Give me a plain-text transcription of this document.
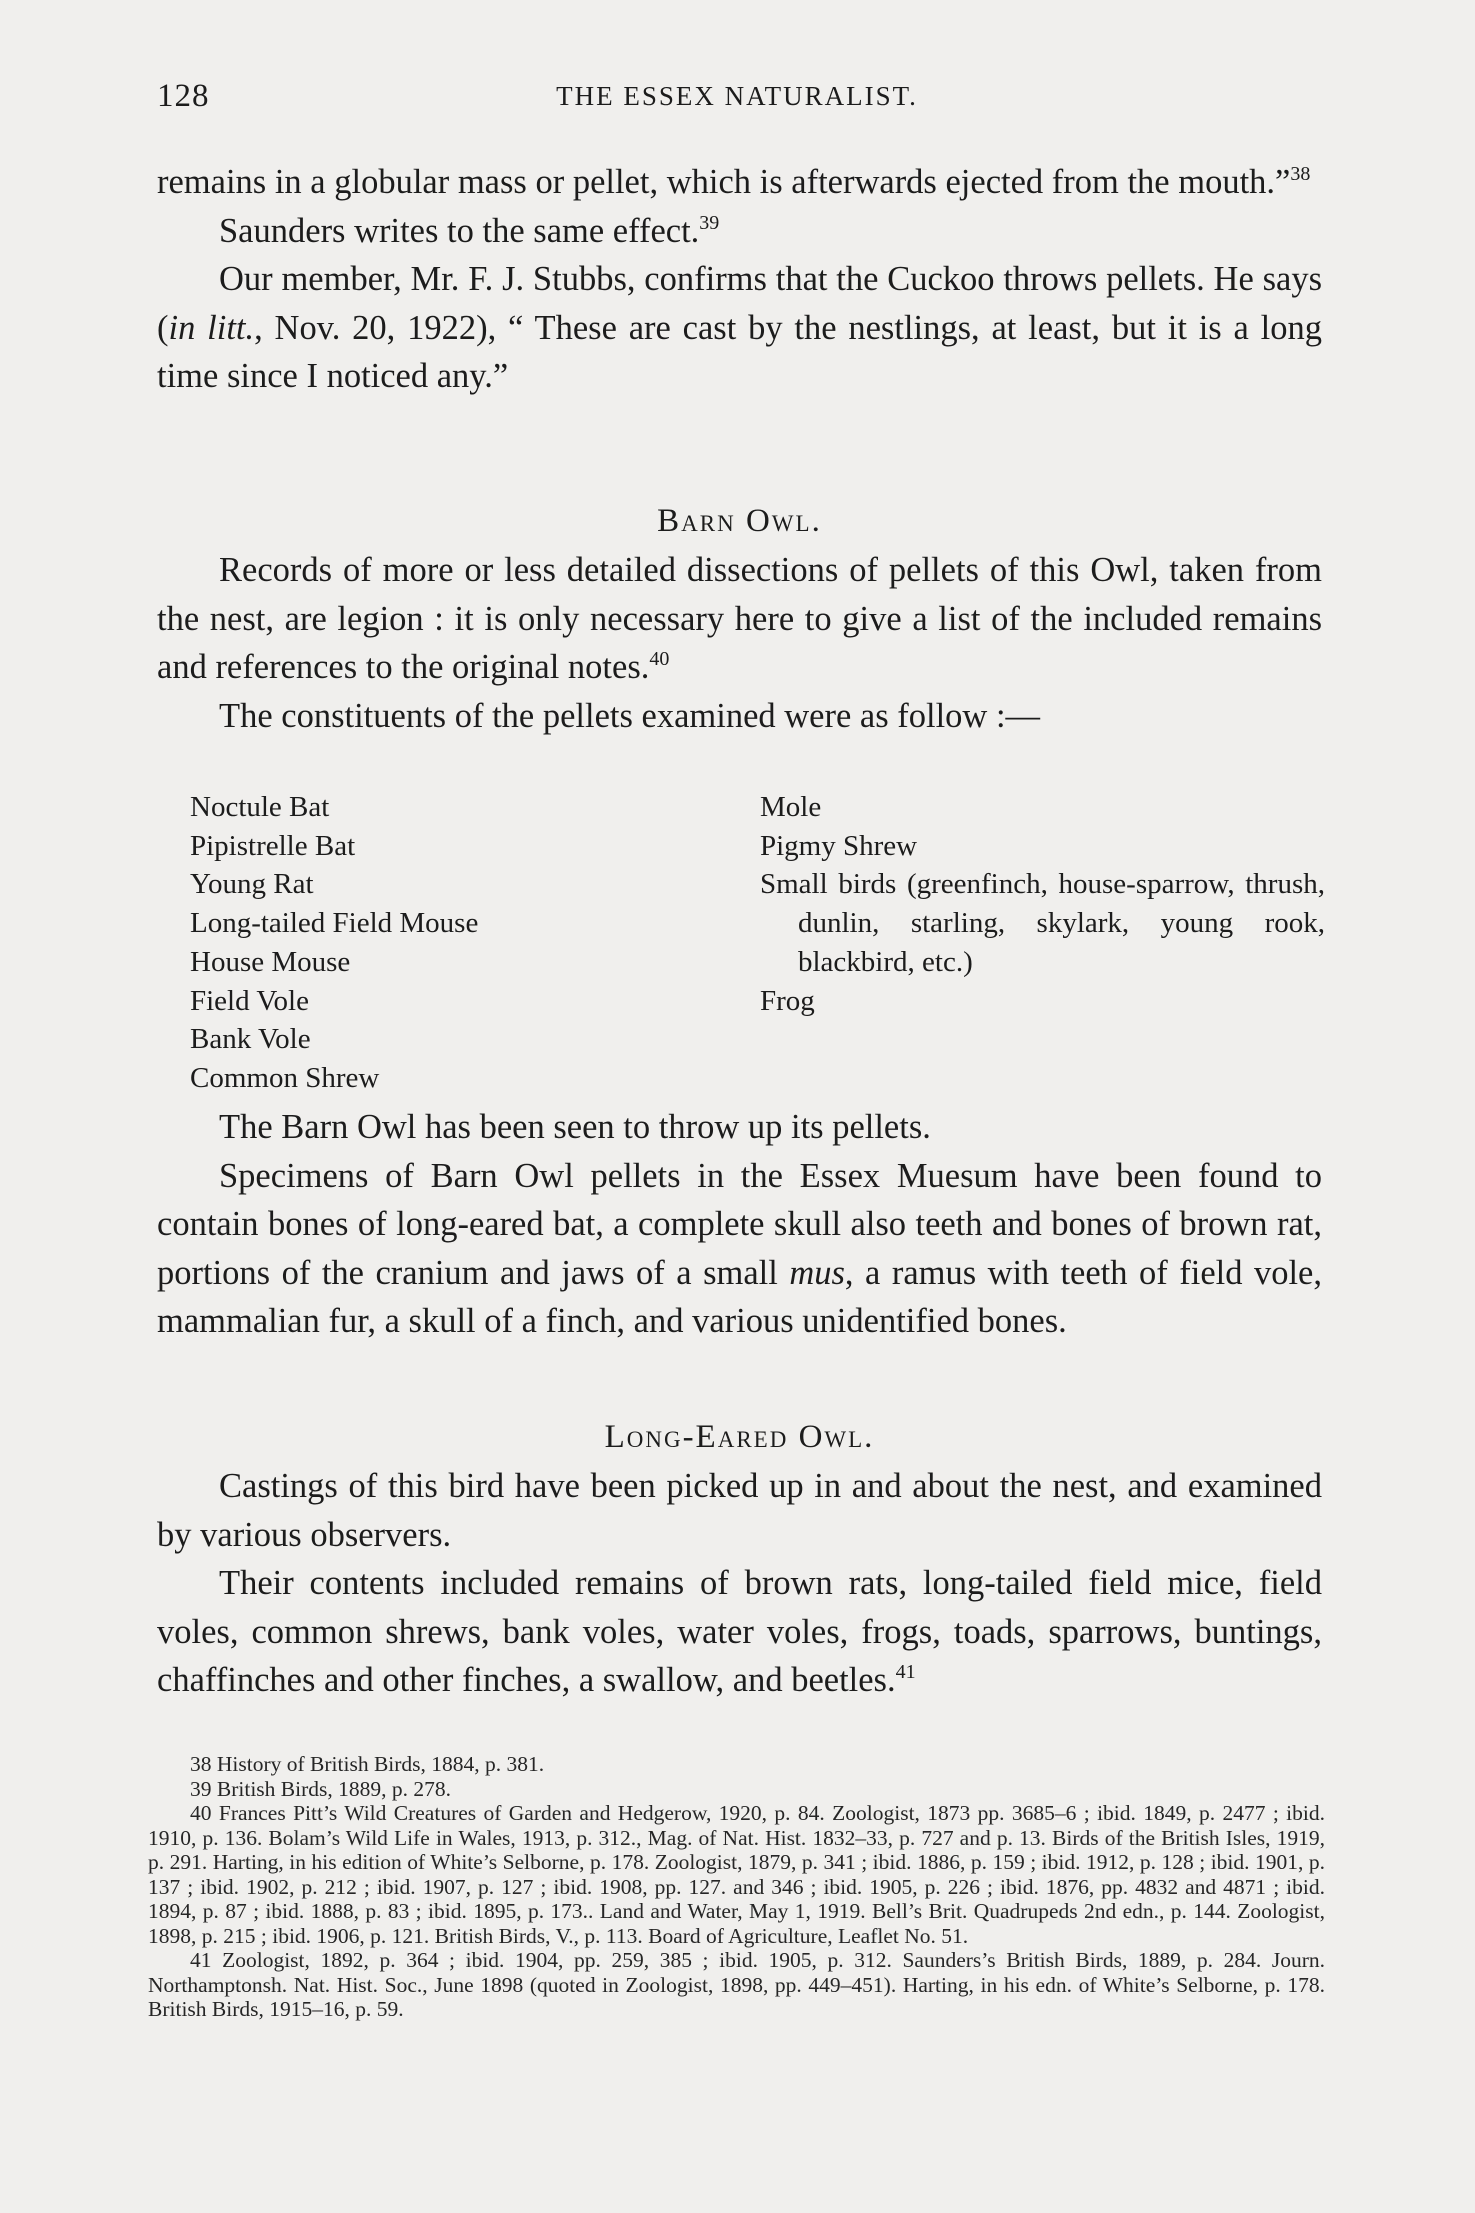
128	THE ESSEX NATURALIST.

remains in a globular mass or pellet, which is afterwards ejected from the mouth.”$^{38}$

Saunders writes to the same effect.$^{39}$

Our member, Mr. F. J. Stubbs, confirms that the Cuckoo throws pellets. He says (in litt., Nov. 20, 1922), “ These are cast by the nestlings, at least, but it is a long time since I noticed any.”

Barn Owl.

Records of more or less detailed dissections of pellets of this Owl, taken from the nest, are legion : it is only necessary here to give a list of the included remains and references to the original notes.$^{40}$

The constituents of the pellets examined were as follow :—

Noctule Bat
Pipistrelle Bat
Young Rat
Long-tailed Field Mouse
House Mouse
Field Vole
Bank Vole
Common Shrew
Mole
Pigmy Shrew
Small birds (greenfinch, house-sparrow, thrush, dunlin, starling, skylark, young rook, blackbird, etc.)
Frog

The Barn Owl has been seen to throw up its pellets.

Specimens of Barn Owl pellets in the Essex Muesum have been found to contain bones of long-eared bat, a complete skull also teeth and bones of brown rat, portions of the cranium and jaws of a small mus, a ramus with teeth of field vole, mammalian fur, a skull of a finch, and various unidentified bones.

Long-Eared Owl.

Castings of this bird have been picked up in and about the nest, and examined by various observers.

Their contents included remains of brown rats, long-tailed field mice, field voles, common shrews, bank voles, water voles, frogs, toads, sparrows, buntings, chaffinches and other finches, a swallow, and beetles.$^{41}$

38 History of British Birds, 1884, p. 381.

39 British Birds, 1889, p. 278.

40 Frances Pitt’s Wild Creatures of Garden and Hedgerow, 1920, p. 84. Zoologist, 1873 pp. 3685–6 ; ibid. 1849, p. 2477 ; ibid. 1910, p. 136. Bolam’s Wild Life in Wales, 1913, p. 312., Mag. of Nat. Hist. 1832–33, p. 727 and p. 13. Birds of the British Isles, 1919, p. 291. Harting, in his edition of White’s Selborne, p. 178. Zoologist, 1879, p. 341 ; ibid. 1886, p. 159 ; ibid. 1912, p. 128 ; ibid. 1901, p. 137 ; ibid. 1902, p. 212 ; ibid. 1907, p. 127 ; ibid. 1908, pp. 127. and 346 ; ibid. 1905, p. 226 ; ibid. 1876, pp. 4832 and 4871 ; ibid. 1894, p. 87 ; ibid. 1888, p. 83 ; ibid. 1895, p. 173.. Land and Water, May 1, 1919. Bell’s Brit. Quadrupeds 2nd edn., p. 144. Zoologist, 1898, p. 215 ; ibid. 1906, p. 121. British Birds, V., p. 113. Board of Agriculture, Leaflet No. 51.

41 Zoologist, 1892, p. 364 ; ibid. 1904, pp. 259, 385 ; ibid. 1905, p. 312. Saunders’s British Birds, 1889, p. 284. Journ. Northamptonsh. Nat. Hist. Soc., June 1898 (quoted in Zoologist, 1898, pp. 449–451). Harting, in his edn. of White’s Selborne, p. 178. British Birds, 1915–16, p. 59.
